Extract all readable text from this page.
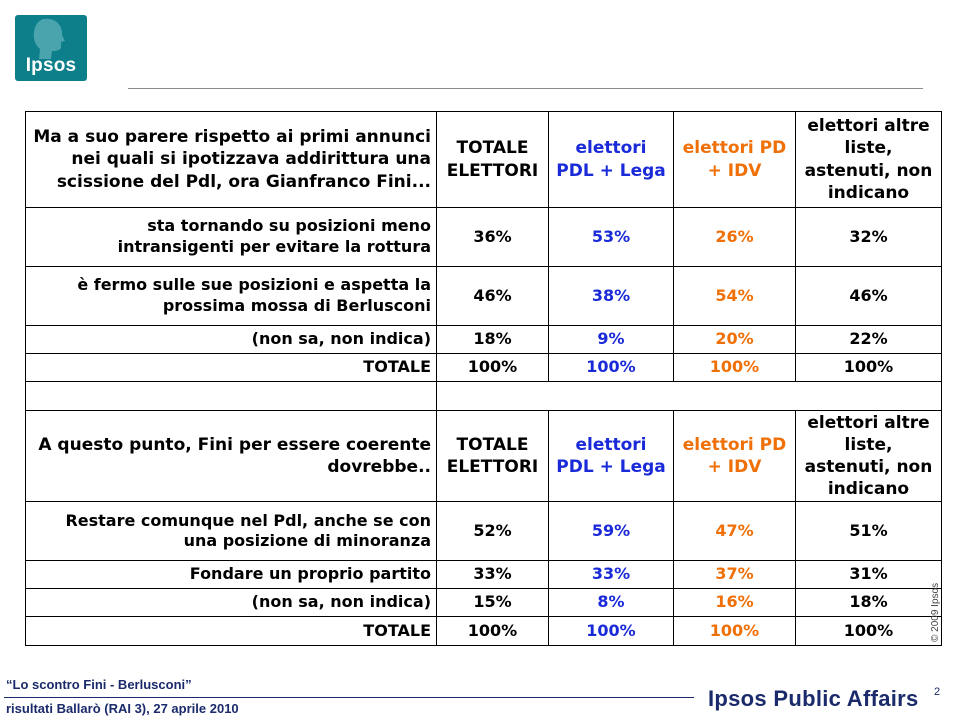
Ipsos
Ma a suo parere rispetto ai primi annunci nei quali si ipotizzava addirittura una scissione del Pdl, ora Gianfranco Fini...	TOTALE ELETTORI	elettori PDL + Lega	elettori PD + IDV	elettori altre liste, astenuti, non indicano
sta tornando su posizioni meno intransigenti per evitare la rottura	36%	53%	26%	32%
è fermo sulle sue posizioni e aspetta la prossima mossa di Berlusconi	46%	38%	54%	46%
(non sa, non indica)	18%	9%	20%	22%
TOTALE	100%	100%	100%	100%

A questo punto, Fini per essere coerente dovrebbe..	TOTALE ELETTORI	elettori PDL + Lega	elettori PD + IDV	elettori altre liste, astenuti, non indicano
Restare comunque nel Pdl, anche se con una posizione di minoranza	52%	59%	47%	51%
Fondare un proprio partito	33%	33%	37%	31%
(non sa, non indica)	15%	8%	16%	18%
TOTALE	100%	100%	100%	100%	© 2009 Ipsos
“Lo scontro Fini - Berlusconi”
risultati Ballarò (RAI 3), 27 aprile 2010
2
Ipsos Public Affairs
